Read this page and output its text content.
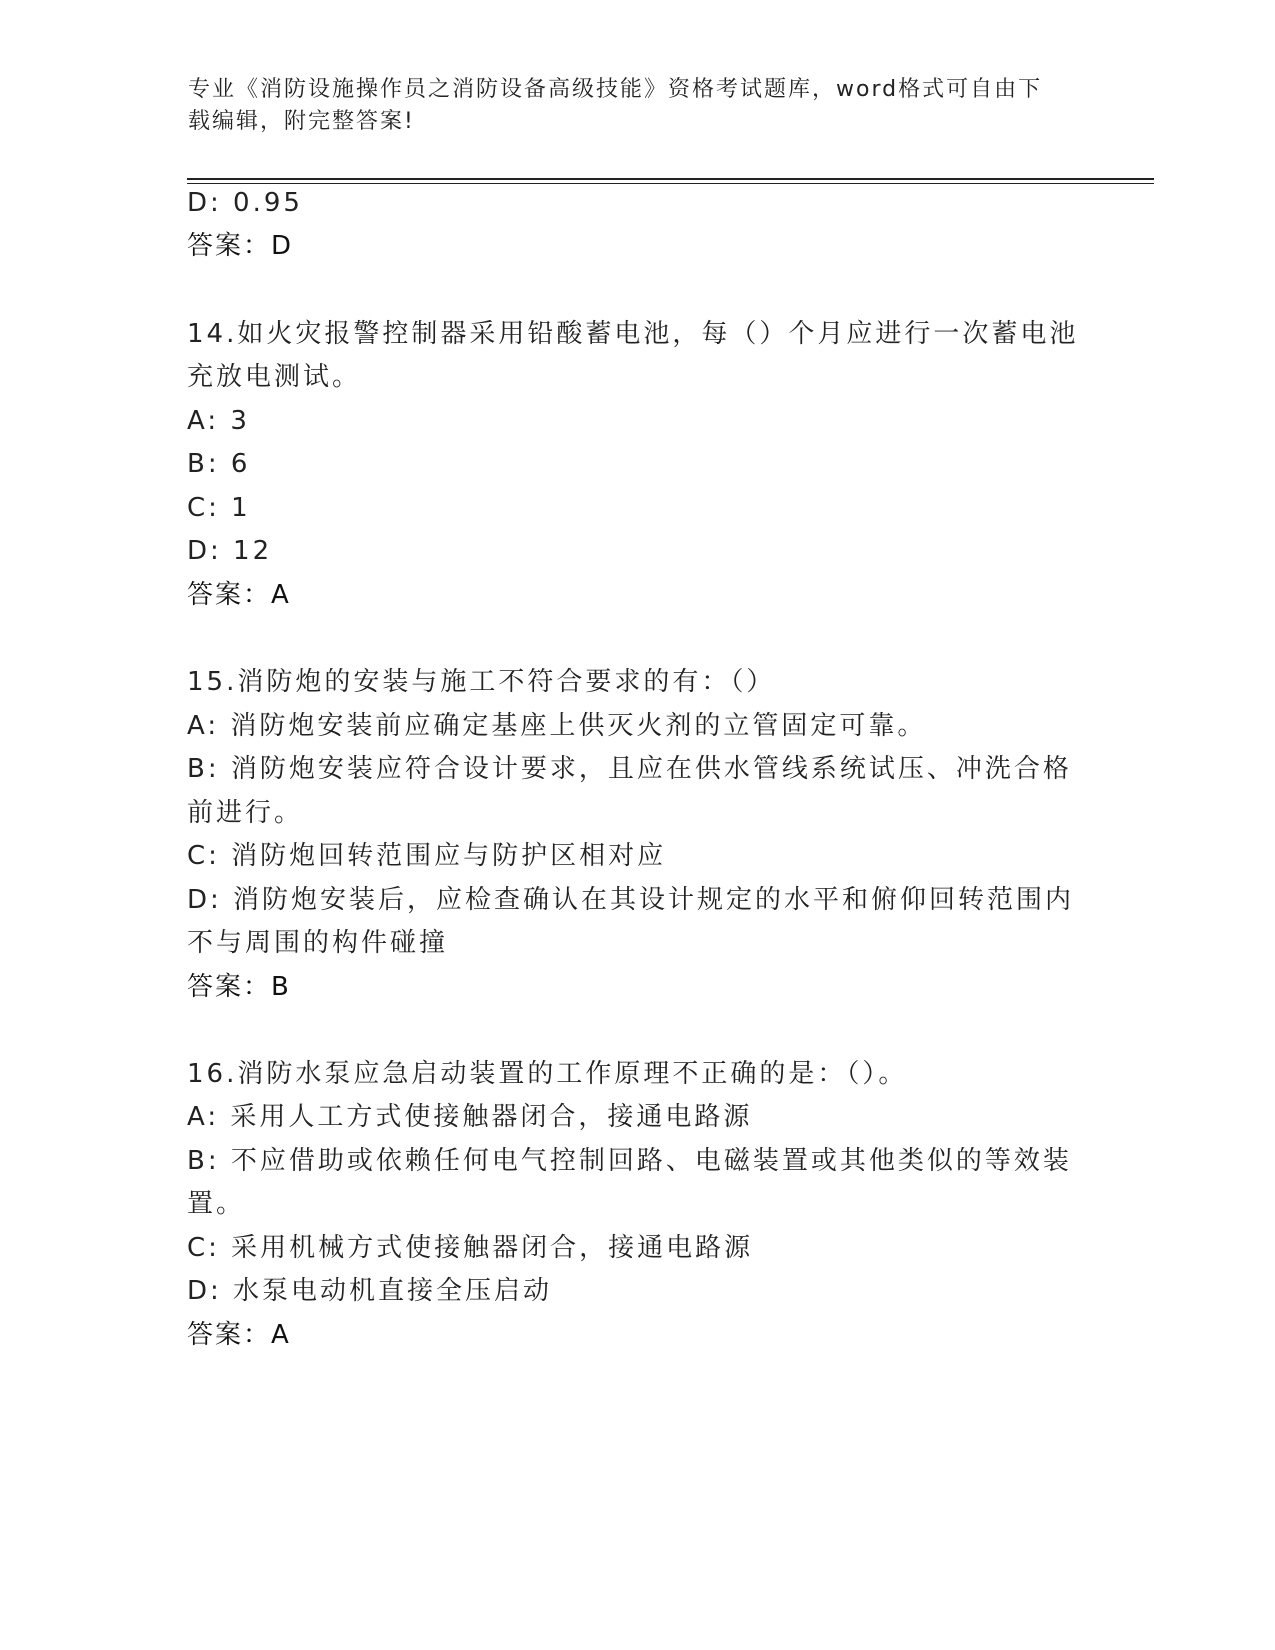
专业《消防设施操作员之消防设备高级技能》资格考试题库，word格式可自由下
载编辑，附完整答案!
D: 0.95
答案：D
14.如火灾报警控制器采用铅酸蓄电池，每（）个月应进行一次蓄电池
充放电测试。
A: 3
B: 6
C: 1
D: 12
答案：A
15.消防炮的安装与施工不符合要求的有：（）
A: 消防炮安装前应确定基座上供灭火剂的立管固定可靠。
B: 消防炮安装应符合设计要求，且应在供水管线系统试压、冲洗合格
前进行。
C: 消防炮回转范围应与防护区相对应
D: 消防炮安装后，应检查确认在其设计规定的水平和俯仰回转范围内
不与周围的构件碰撞
答案：B
16.消防水泵应急启动装置的工作原理不正确的是：（）。
A: 采用人工方式使接触器闭合，接通电路源
B: 不应借助或依赖任何电气控制回路、电磁装置或其他类似的等效装
置。
C: 采用机械方式使接触器闭合，接通电路源
D: 水泵电动机直接全压启动
答案：A
